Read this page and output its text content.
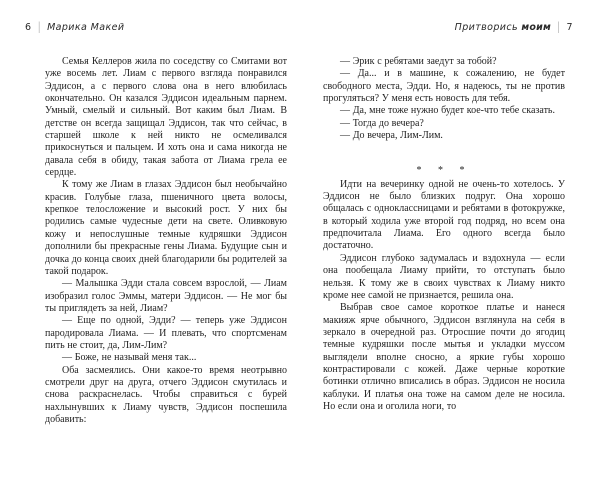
6 | Марика Макей

Семья Келлеров жила по соседству со Смитами вот уже восемь лет. Лиам с первого взгляда понравился Эддисон, а с первого слова она в него влюбилась окончательно. Он казался Эддисон идеальным парнем. Умный, смелый и сильный. Вот каким был Лиам. В детстве он всегда защищал Эддисон, так что сейчас, в старшей школе к ней никто не осмеливался прикоснуться и пальцем. И хоть она и сама никогда не давала себя в обиду, такая забота от Лиама грела ее сердце.

К тому же Лиам в глазах Эддисон был необычайно красив. Голубые глаза, пшеничного цвета волосы, крепкое телосложение и высокий рост. У них бы родились самые чудесные дети на свете. Оливковую кожу и непослушные темные кудряшки Эддисон дополнили бы прекрасные гены Лиама. Будущие сын и дочка до конца своих дней благодарили бы родителей за такой подарок.

— Малышка Эдди стала совсем взрослой, — Лиам изобразил голос Эммы, матери Эддисон. — Не мог бы ты приглядеть за ней, Лиам?

— Еще по одной, Эдди? — теперь уже Эддисон пародировала Лиама. — И плевать, что спортсменам пить не стоит, да, Лим-Лим?

— Боже, не называй меня так...

Оба засмеялись. Они какое-то время неотрывно смотрели друг на друга, отчего Эддисон смутилась и снова раскраснелась. Чтобы справиться с бурей нахлынувших к Лиаму чувств, Эддисон поспешила добавить:

Притворись моим | 7

— Эрик с ребятами заедут за тобой?

— Да... и в машине, к сожалению, не будет свободного места, Эдди. Но, я надеюсь, ты не против прогуляться? У меня есть новость для тебя.

— Да, мне тоже нужно будет кое-что тебе сказать.

— Тогда до вечера?

— До вечера, Лим-Лим.

* * *

Идти на вечеринку одной не очень-то хотелось. У Эддисон не было близких подруг. Она хорошо общалась с одноклассницами и ребятами в фотокружке, в который ходила уже второй год подряд, но всем она предпочитала Лиама. Его одного всегда было достаточно.

Эддисон глубоко задумалась и вздохнула — если она пообещала Лиаму прийти, то отступать было нельзя. К тому же в своих чувствах к Лиаму никто кроме нее самой не признается, решила она.

Выбрав свое самое короткое платье и нанеся макияж ярче обычного, Эддисон взглянула на себя в зеркало в очередной раз. Отросшие почти до ягодиц темные кудряшки после мытья и укладки муссом выглядели вполне сносно, а яркие губы хорошо контрастировали с кожей. Даже черные короткие ботинки отлично вписались в образ. Эддисон не носила каблуки. И платья она тоже на самом деле не носила. Но если она и оголила ноги, то
